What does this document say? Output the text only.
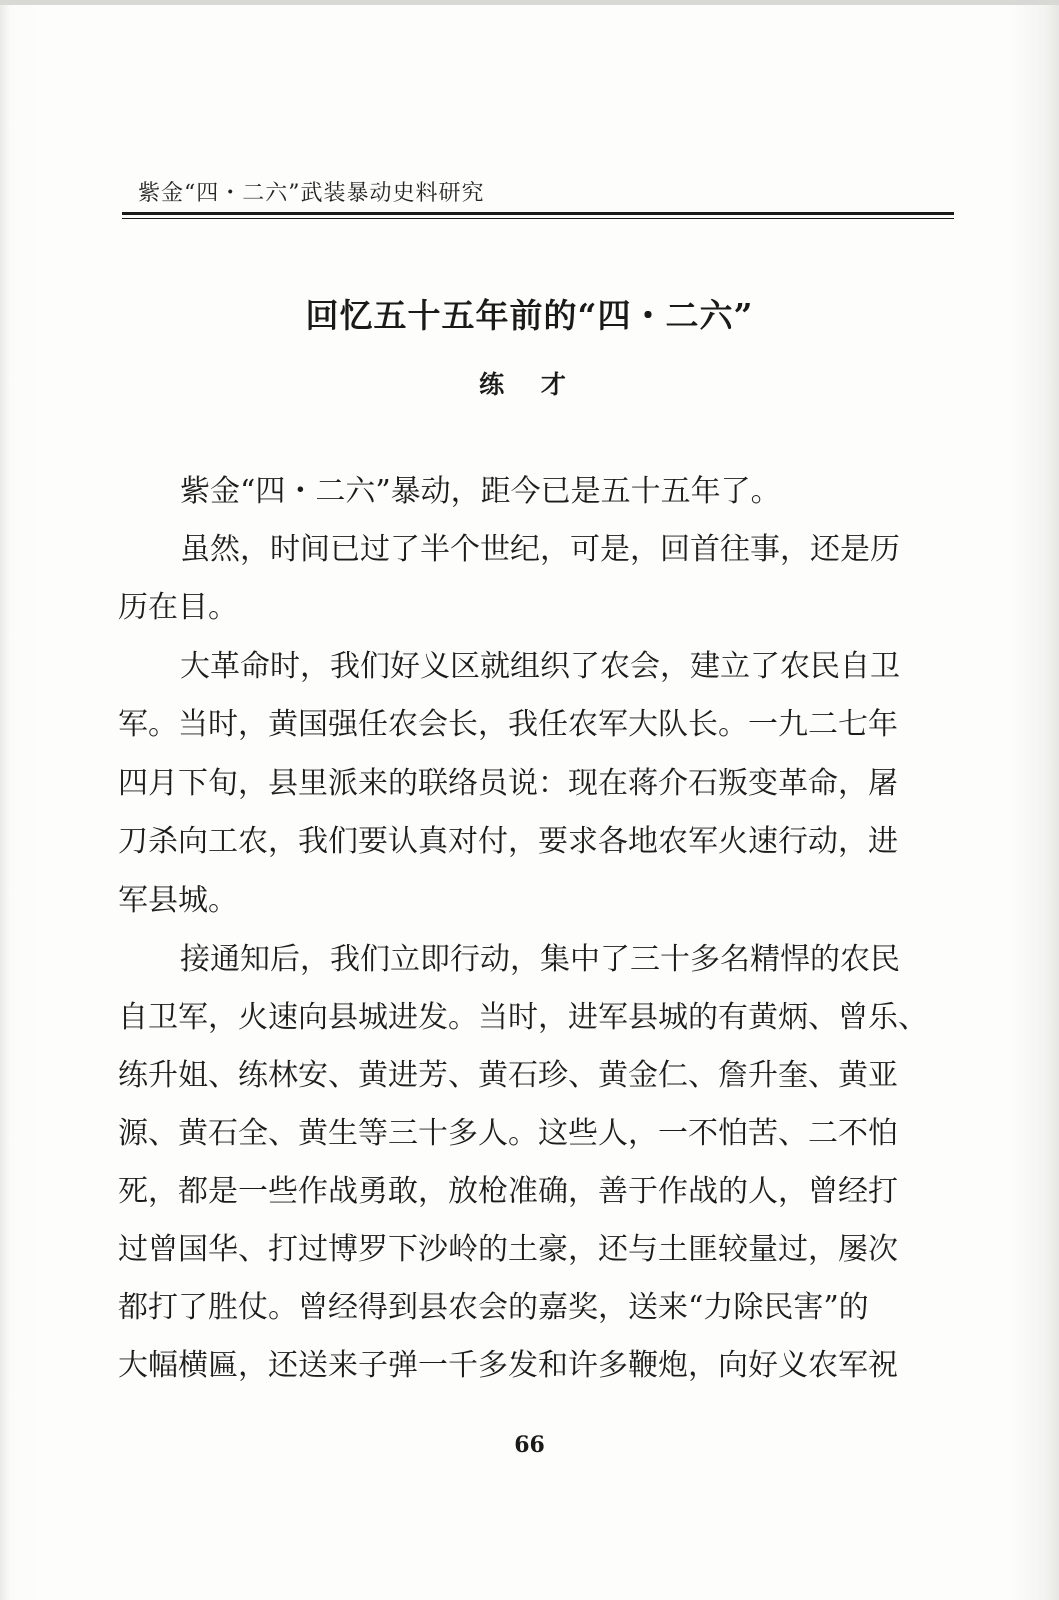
紫金“四・二六”武装暴动史料研究
回忆五十五年前的“四・二六”
练 才
紫金“四・二六”暴动，距今已是五十五年了。
虽然，时间已过了半个世纪，可是，回首往事，还是历
历在目。
大革命时，我们好义区就组织了农会，建立了农民自卫
军。当时，黄国强任农会长，我任农军大队长。一九二七年
四月下旬，县里派来的联络员说：现在蒋介石叛变革命，屠
刀杀向工农，我们要认真对付，要求各地农军火速行动，进
军县城。
接通知后，我们立即行动，集中了三十多名精悍的农民
自卫军，火速向县城进发。当时，进军县城的有黄炳、曾乐、
练升姐、练林安、黄进芳、黄石珍、黄金仁、詹升奎、黄亚
源、黄石全、黄生等三十多人。这些人，一不怕苦、二不怕
死，都是一些作战勇敢，放枪准确，善于作战的人，曾经打
过曾国华、打过博罗下沙岭的土豪，还与土匪较量过，屡次
都打了胜仗。曾经得到县农会的嘉奖，送来“力除民害”的
大幅横匾，还送来子弹一千多发和许多鞭炮，向好义农军祝
66
